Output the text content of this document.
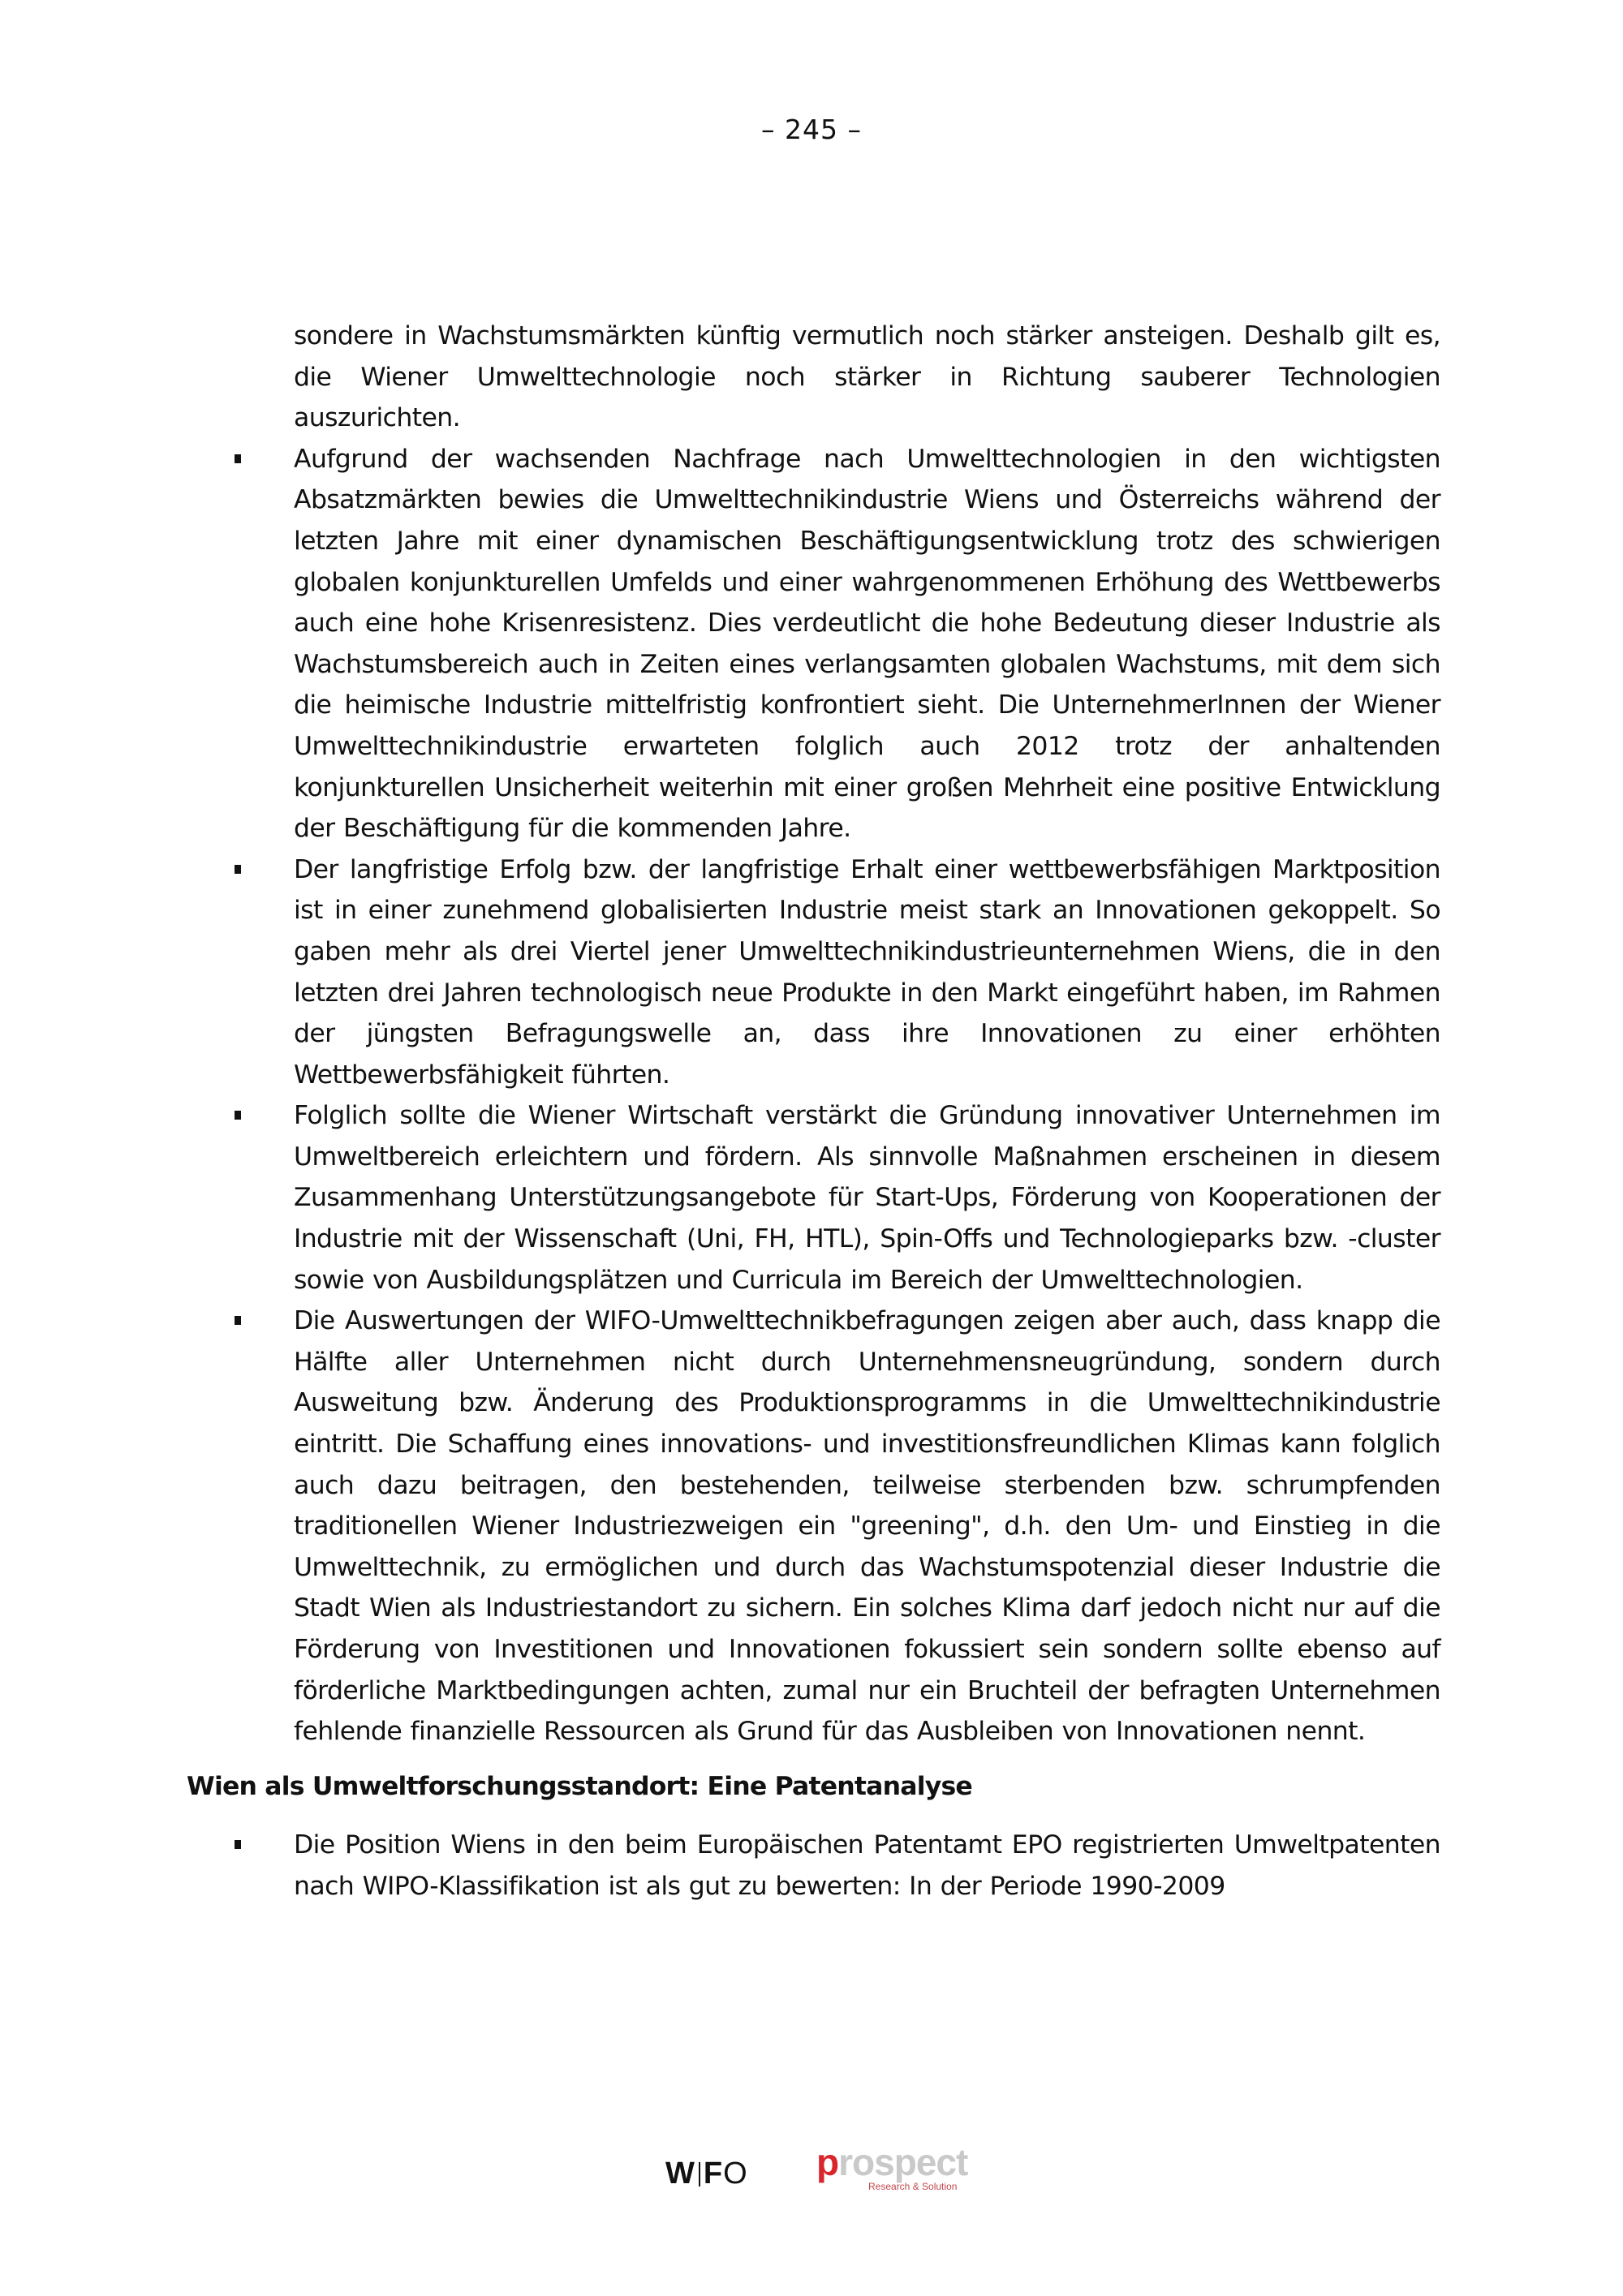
– 245 –

sondere in Wachstumsmärkten künftig vermutlich noch stärker ansteigen. Deshalb gilt es, die Wiener Umwelttechnologie noch stärker in Richtung sauberer Technologien auszurichten.

Aufgrund der wachsenden Nachfrage nach Umwelttechnologien in den wichtigsten Absatzmärkten bewies die Umwelttechnikindustrie Wiens und Österreichs während der letzten Jahre mit einer dynamischen Beschäftigungsentwicklung trotz des schwierigen globalen konjunkturellen Umfelds und einer wahrgenommenen Erhöhung des Wettbewerbs auch eine hohe Krisenresistenz. Dies verdeutlicht die hohe Bedeutung dieser Industrie als Wachstumsbereich auch in Zeiten eines verlangsamten globalen Wachstums, mit dem sich die heimische Industrie mittelfristig konfrontiert sieht. Die UnternehmerInnen der Wiener Umwelttechnikindustrie erwarteten folglich auch 2012 trotz der anhaltenden konjunkturellen Unsicherheit weiterhin mit einer großen Mehrheit eine positive Entwicklung der Beschäftigung für die kommenden Jahre.
Der langfristige Erfolg bzw. der langfristige Erhalt einer wettbewerbsfähigen Marktposition ist in einer zunehmend globalisierten Industrie meist stark an Innovationen gekoppelt. So gaben mehr als drei Viertel jener Umwelttechnikindustrieunternehmen Wiens, die in den letzten drei Jahren technologisch neue Produkte in den Markt eingeführt haben, im Rahmen der jüngsten Befragungswelle an, dass ihre Innovationen zu einer erhöhten Wettbewerbsfähigkeit führten.
Folglich sollte die Wiener Wirtschaft verstärkt die Gründung innovativer Unternehmen im Umweltbereich erleichtern und fördern. Als sinnvolle Maßnahmen erscheinen in diesem Zusammenhang Unterstützungsangebote für Start-Ups, Förderung von Kooperationen der Industrie mit der Wissenschaft (Uni, FH, HTL), Spin-Offs und Technologieparks bzw. -cluster sowie von Ausbildungsplätzen und Curricula im Bereich der Umwelttechnologien.
Die Auswertungen der WIFO-Umwelttechnikbefragungen zeigen aber auch, dass knapp die Hälfte aller Unternehmen nicht durch Unternehmensneugründung, sondern durch Ausweitung bzw. Änderung des Produktionsprogramms in die Umwelttechnikindustrie eintritt. Die Schaffung eines innovations- und investitionsfreundlichen Klimas kann folglich auch dazu beitragen, den bestehenden, teilweise sterbenden bzw. schrumpfenden traditionellen Wiener Industriezweigen ein "greening", d.h. den Um- und Einstieg in die Umwelttechnik, zu ermöglichen und durch das Wachstumspotenzial dieser Industrie die Stadt Wien als Industriestandort zu sichern. Ein solches Klima darf jedoch nicht nur auf die Förderung von Investitionen und Innovationen fokussiert sein sondern sollte ebenso auf förderliche Marktbedingungen achten, zumal nur ein Bruchteil der befragten Unternehmen fehlende finanzielle Ressourcen als Grund für das Ausbleiben von Innovationen nennt.
Wien als Umweltforschungsstandort: Eine Patentanalyse
Die Position Wiens in den beim Europäischen Patentamt EPO registrierten Umweltpatenten nach WIPO-Klassifikation ist als gut zu bewerten: In der Periode 1990-2009
W F O prospect
Research & Solution
